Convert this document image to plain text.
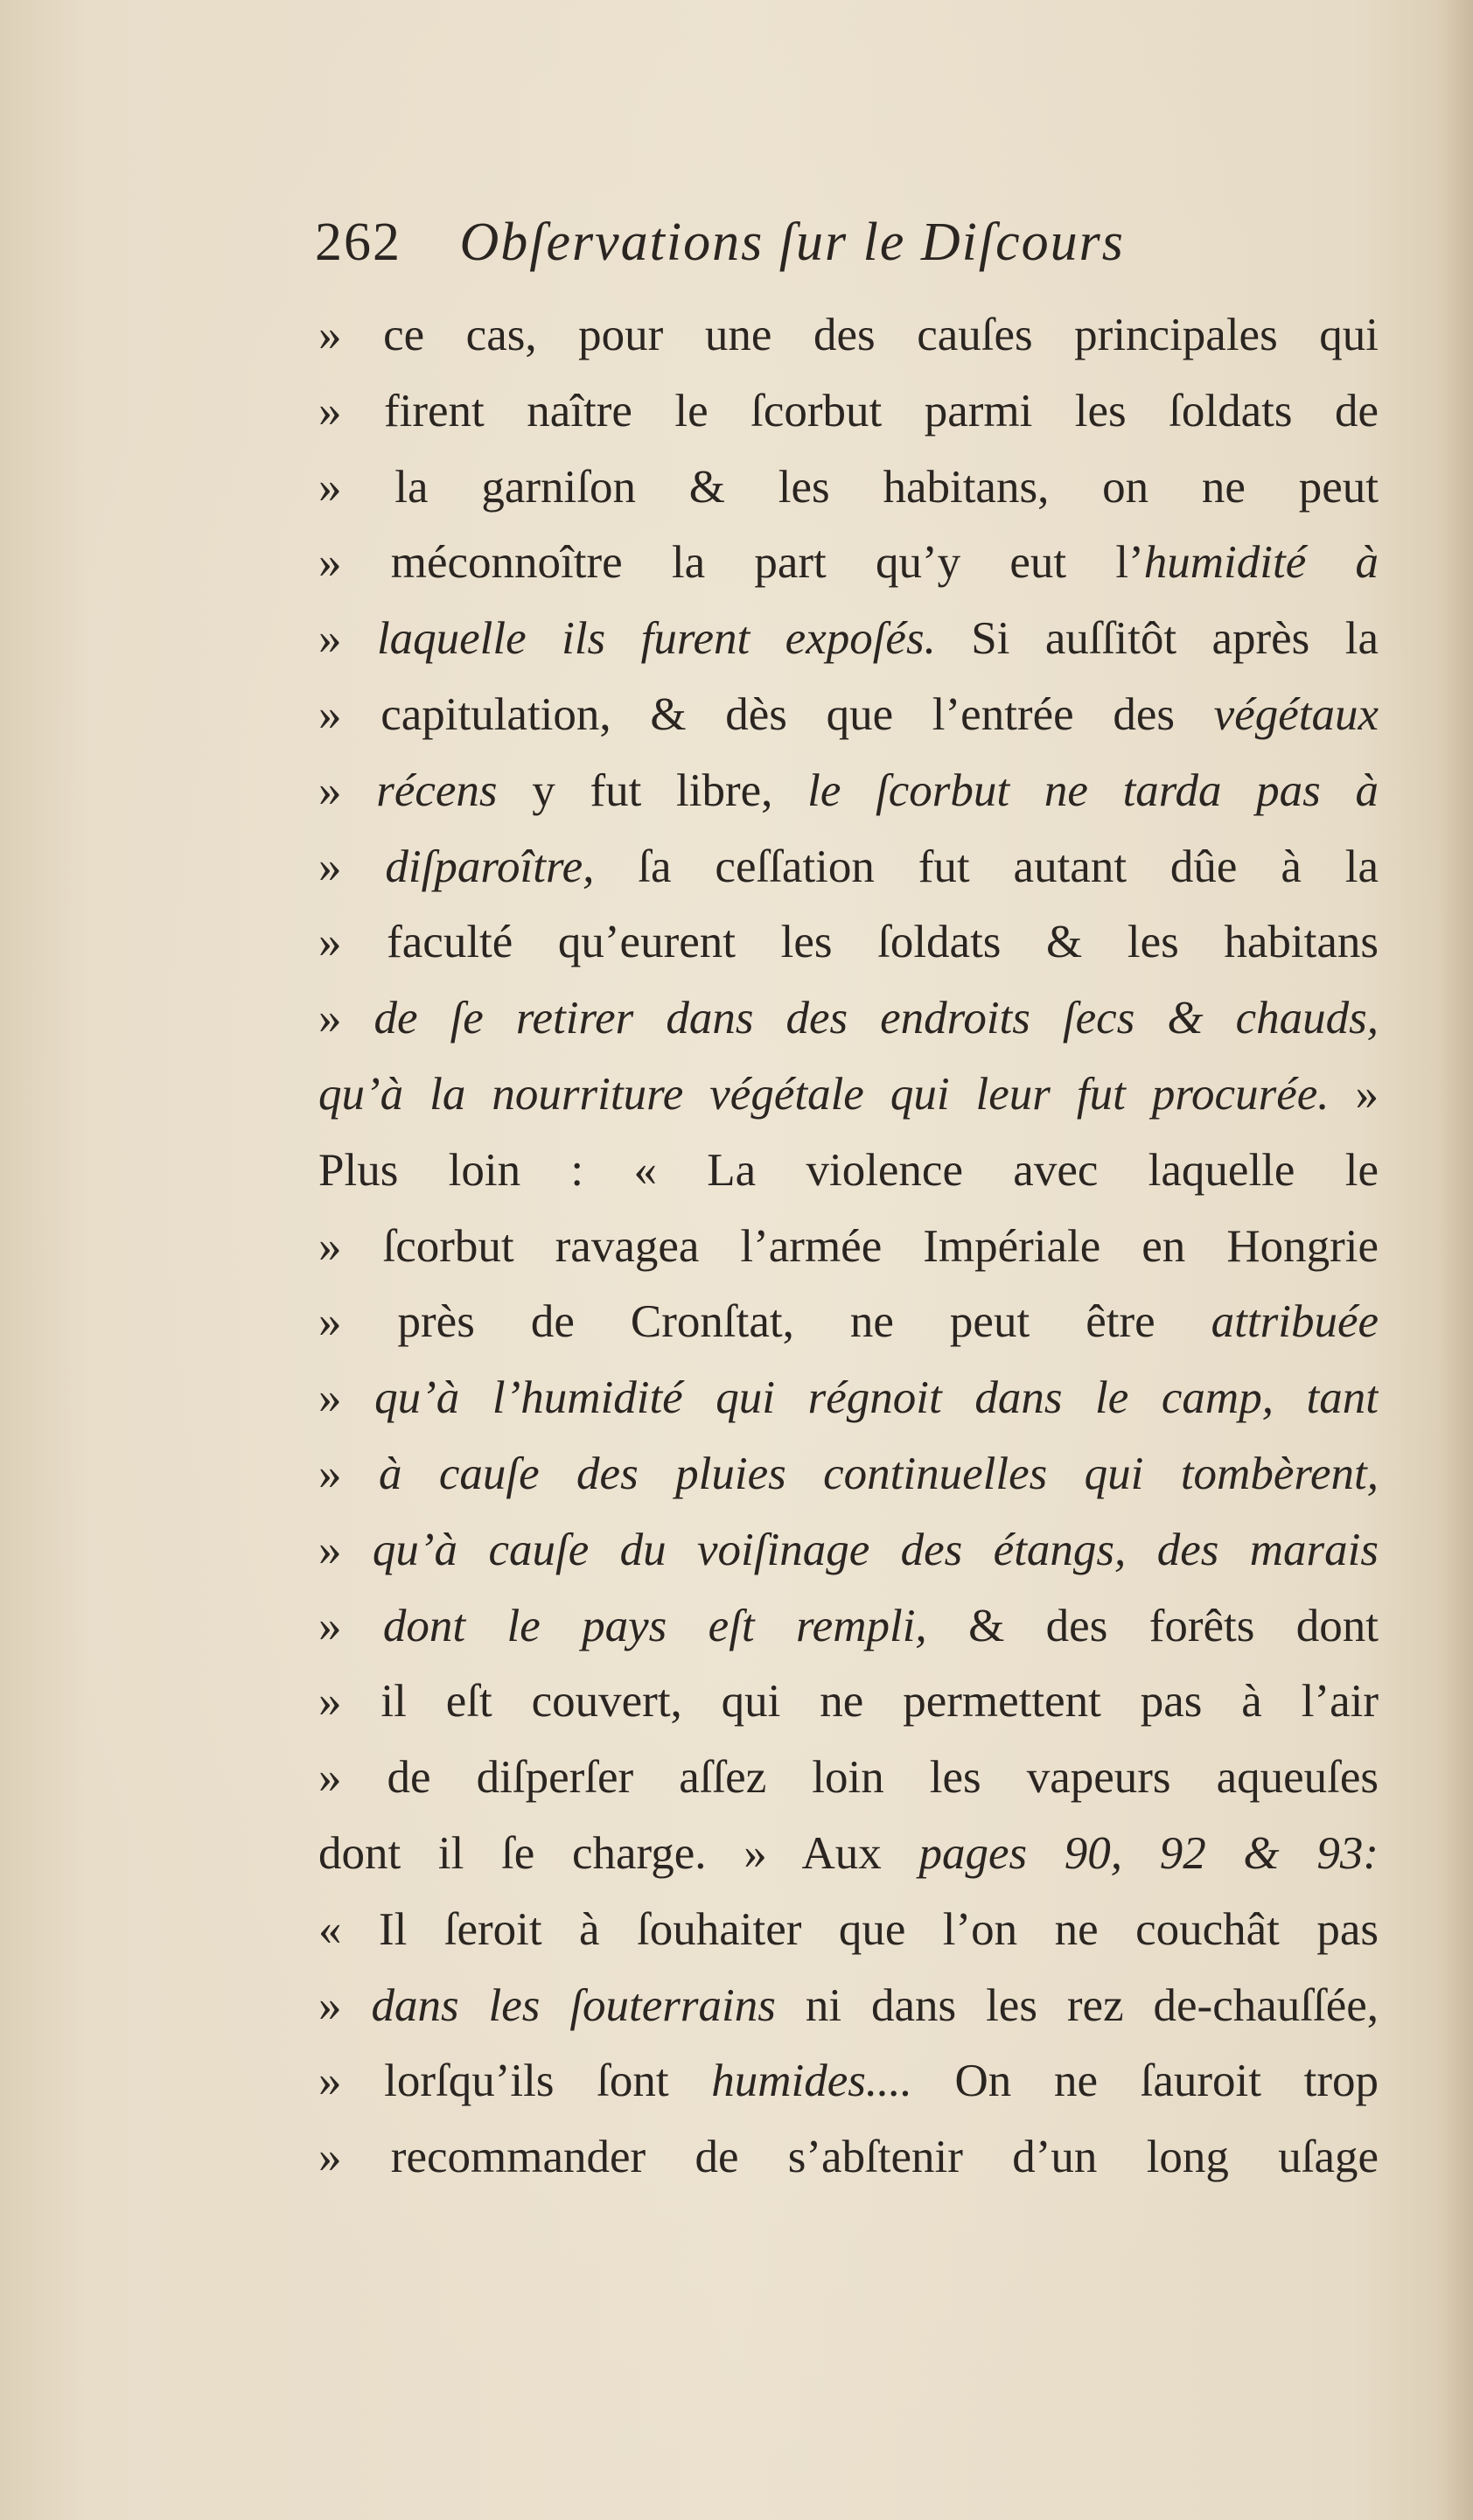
262 Obſervations ſur le Diſcours
» ce cas, pour une des cauſes principales qui
» firent naître le ſcorbut parmi les ſoldats de
» la garniſon & les habitans, on ne peut
» méconnoître la part qu’y eut l’humidité à
» laquelle ils furent expoſés. Si auſſitôt après la
» capitulation, & dès que l’entrée des végétaux
» récens y fut libre, le ſcorbut ne tarda pas à
» diſparoître, ſa ceſſation fut autant dûe à la
» faculté qu’eurent les ſoldats & les habitans
» de ſe retirer dans des endroits ſecs & chauds,
qu’à la nourriture végétale qui leur fut procurée. »
Plus loin : « La violence avec laquelle le
» ſcorbut ravagea l’armée Impériale en Hongrie
» près de Cronſtat, ne peut être attribuée
» qu’à l’humidité qui régnoit dans le camp, tant
» à cauſe des pluies continuelles qui tombèrent,
» qu’à cauſe du voiſinage des étangs, des marais
» dont le pays eſt rempli, & des forêts dont
» il eſt couvert, qui ne permettent pas à l’air
» de diſperſer aſſez loin les vapeurs aqueuſes
dont il ſe charge. » Aux pages 90, 92 & 93:
« Il ſeroit à ſouhaiter que l’on ne couchât pas
» dans les ſouterrains ni dans les rez de-chauſſée,
» lorſqu’ils ſont humides.... On ne ſauroit trop
» recommander de s’abſtenir d’un long uſage
